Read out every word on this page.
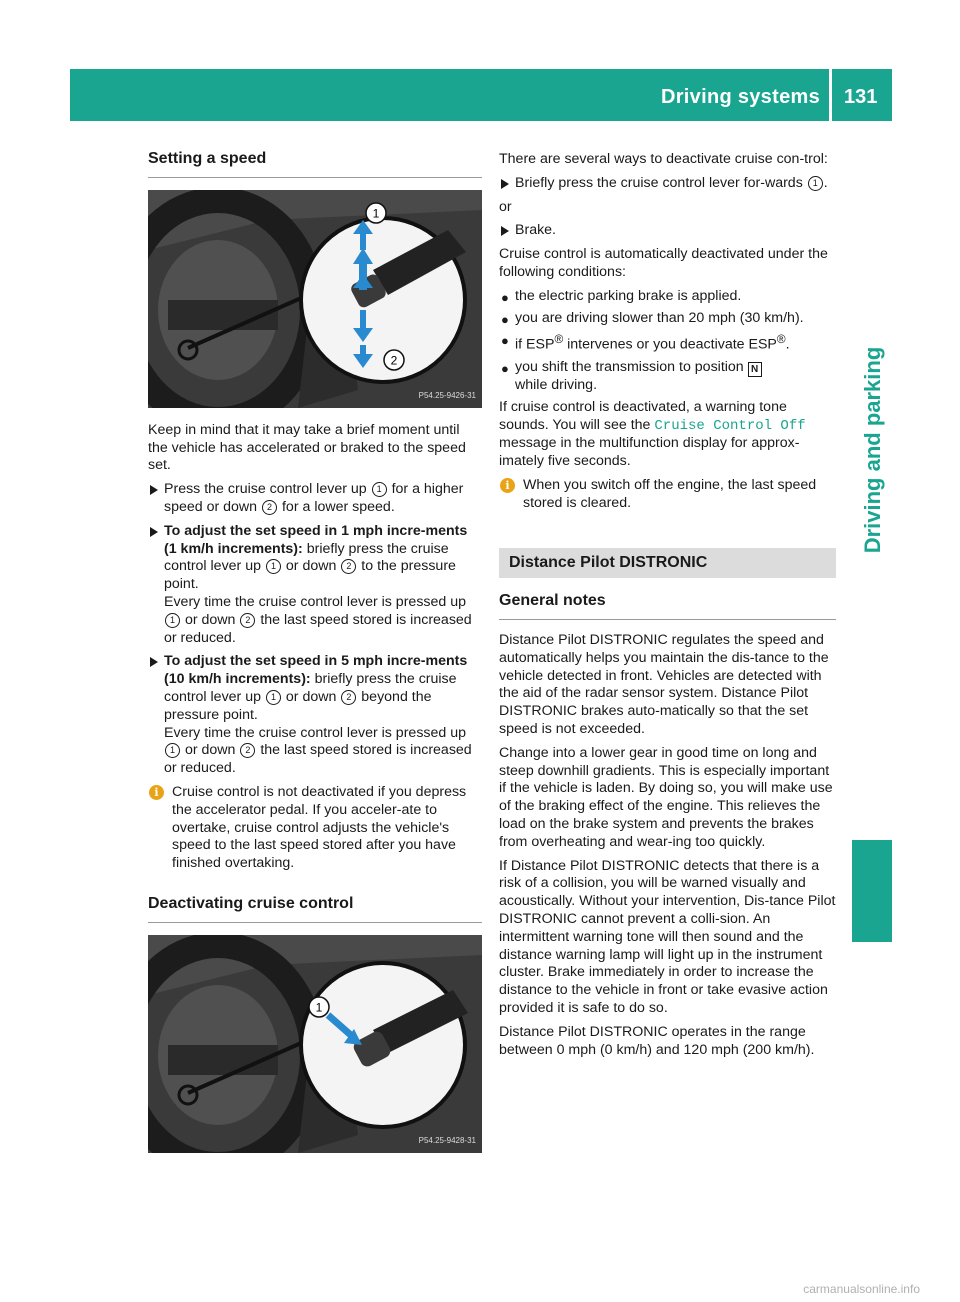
Driving systems 131
Driving and parking
Setting a speed
1
2
P54.25-9426-31

Keep in mind that it may take a brief moment until the vehicle has accelerated or braked to the speed set.

Press the cruise control lever up 1 for a higher speed or down 2 for a lower speed.
To adjust the set speed in 1 mph incre-ments (1 km/h increments): briefly press the cruise control lever up 1 or down 2 to the pressure point.
Every time the cruise control lever is pressed up 1 or down 2 the last speed stored is increased or reduced.
To adjust the set speed in 5 mph incre-ments (10 km/h increments): briefly press the cruise control lever up 1 or down 2 beyond the pressure point.
Every time the cruise control lever is pressed up 1 or down 2 the last speed stored is increased or reduced.
i Cruise control is not deactivated if you depress the accelerator pedal. If you acceler-ate to overtake, cruise control adjusts the vehicle's speed to the last speed stored after you have finished overtaking.
Deactivating cruise control
1
P54.25-9428-31

There are several ways to deactivate cruise con-trol:

Briefly press the cruise control lever for-wards 1 .

or

Brake.

Cruise control is automatically deactivated under the following conditions:

● the electric parking brake is applied.
● you are driving slower than 20 mph (30 km/h).
● if ESP® intervenes or you deactivate ESP®.
● you shift the transmission to position N
while driving.

If cruise control is deactivated, a warning tone sounds. You will see the Cruise Control Off message in the multifunction display for approx-imately five seconds.

i When you switch off the engine, the last speed stored is cleared.
Distance Pilot DISTRONIC
General notes

Distance Pilot DISTRONIC regulates the speed and automatically helps you maintain the dis-tance to the vehicle detected in front. Vehicles are detected with the aid of the radar sensor system. Distance Pilot DISTRONIC brakes auto-matically so that the set speed is not exceeded.

Change into a lower gear in good time on long and steep downhill gradients. This is especially important if the vehicle is laden. By doing so, you will make use of the braking effect of the engine. This relieves the load on the brake system and prevents the brakes from overheating and wear-ing too quickly.

If Distance Pilot DISTRONIC detects that there is a risk of a collision, you will be warned visually and acoustically. Without your intervention, Dis-tance Pilot DISTRONIC cannot prevent a colli-sion. An intermittent warning tone will then sound and the distance warning lamp will light up in the instrument cluster. Brake immediately in order to increase the distance to the vehicle in front or take evasive action provided it is safe to do so.

Distance Pilot DISTRONIC operates in the range between 0 mph (0 km/h) and 120 mph (200 km/h).

carmanualsonline.info
